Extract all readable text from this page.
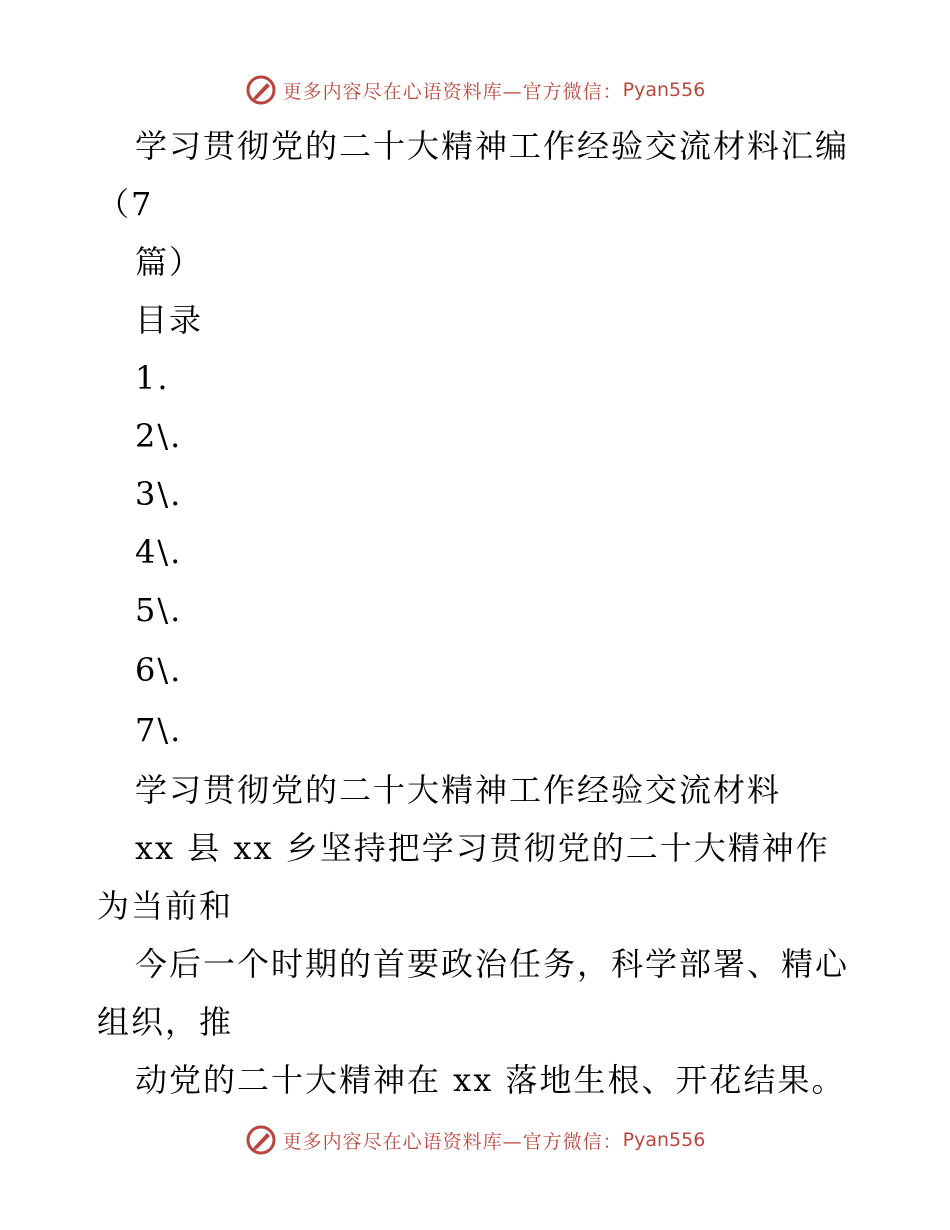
更多内容尽在心语资料库—官方微信： Pyan556
学习贯彻党的二十大精神工作经验交流材料汇编
（7
篇）
目录
1.
2\.
3\.
4\.
5\.
6\.
7\.
学习贯彻党的二十大精神工作经验交流材料
xx 县 xx 乡坚持把学习贯彻党的二十大精神作
为当前和
今后一个时期的首要政治任务，科学部署、精心
组织，推
动党的二十大精神在 xx 落地生根、开花结果。
更多内容尽在心语资料库—官方微信： Pyan556
